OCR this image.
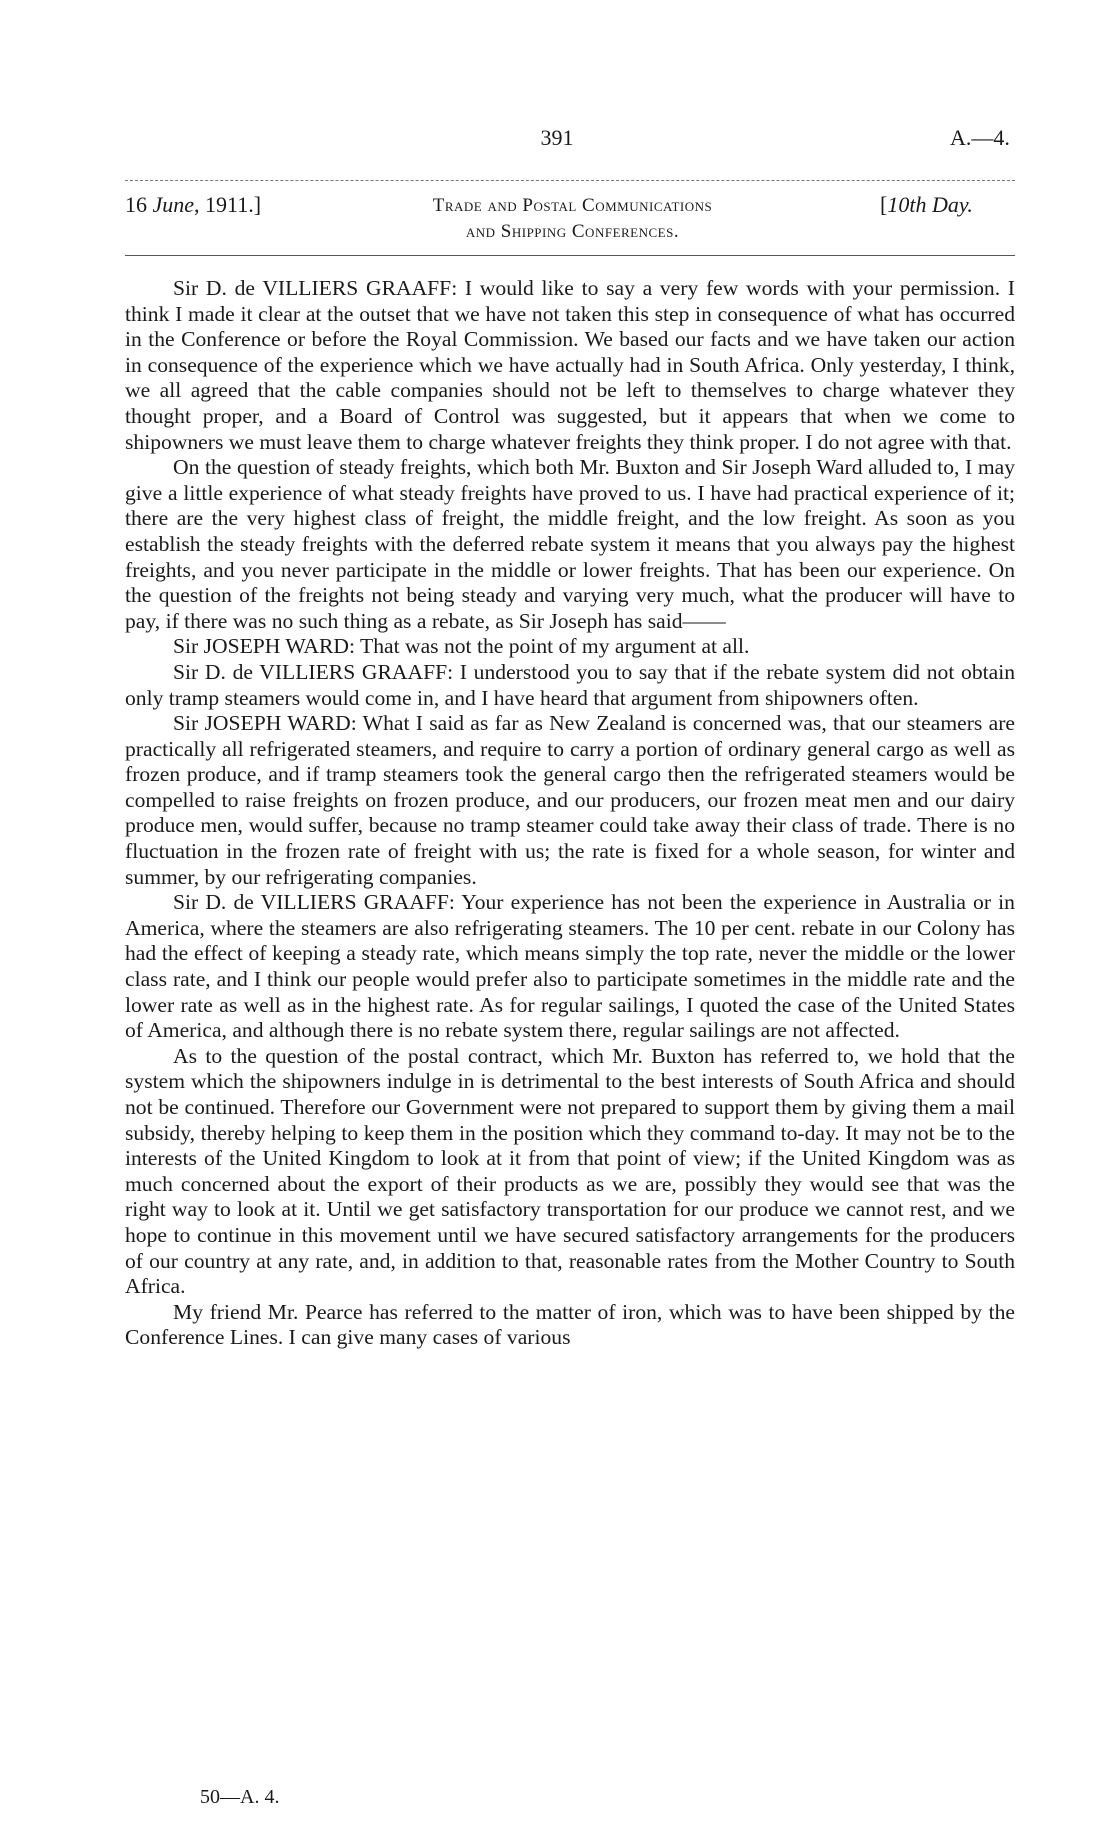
391	A.—4.
16 June, 1911.]	Trade and Postal Communications
and Shipping Conferences.
[10th Day.

Sir D. de VILLIERS GRAAFF: I would like to say a very few words with your permission. I think I made it clear at the outset that we have not taken this step in consequence of what has occurred in the Conference or before the Royal Commission. We based our facts and we have taken our action in consequence of the experience which we have actually had in South Africa. Only yesterday, I think, we all agreed that the cable companies should not be left to themselves to charge whatever they thought proper, and a Board of Control was suggested, but it appears that when we come to shipowners we must leave them to charge whatever freights they think proper. I do not agree with that.

On the question of steady freights, which both Mr. Buxton and Sir Joseph Ward alluded to, I may give a little experience of what steady freights have proved to us. I have had practical experience of it; there are the very highest class of freight, the middle freight, and the low freight. As soon as you establish the steady freights with the deferred rebate system it means that you always pay the highest freights, and you never participate in the middle or lower freights. That has been our experience. On the question of the freights not being steady and varying very much, what the producer will have to pay, if there was no such thing as a rebate, as Sir Joseph has said——

Sir JOSEPH WARD: That was not the point of my argument at all.

Sir D. de VILLIERS GRAAFF: I understood you to say that if the rebate system did not obtain only tramp steamers would come in, and I have heard that argument from shipowners often.

Sir JOSEPH WARD: What I said as far as New Zealand is concerned was, that our steamers are practically all refrigerated steamers, and require to carry a portion of ordinary general cargo as well as frozen produce, and if tramp steamers took the general cargo then the refrigerated steamers would be compelled to raise freights on frozen produce, and our producers, our frozen meat men and our dairy produce men, would suffer, because no tramp steamer could take away their class of trade. There is no fluctuation in the frozen rate of freight with us; the rate is fixed for a whole season, for winter and summer, by our refrigerating companies.

Sir D. de VILLIERS GRAAFF: Your experience has not been the experience in Australia or in America, where the steamers are also refrigerating steamers. The 10 per cent. rebate in our Colony has had the effect of keeping a steady rate, which means simply the top rate, never the middle or the lower class rate, and I think our people would prefer also to participate sometimes in the middle rate and the lower rate as well as in the highest rate. As for regular sailings, I quoted the case of the United States of America, and although there is no rebate system there, regular sailings are not affected.

As to the question of the postal contract, which Mr. Buxton has referred to, we hold that the system which the shipowners indulge in is detrimental to the best interests of South Africa and should not be continued. Therefore our Government were not prepared to support them by giving them a mail subsidy, thereby helping to keep them in the position which they command to-day. It may not be to the interests of the United Kingdom to look at it from that point of view; if the United Kingdom was as much concerned about the export of their products as we are, possibly they would see that was the right way to look at it. Until we get satisfactory transportation for our produce we cannot rest, and we hope to continue in this movement until we have secured satisfactory arrangements for the producers of our country at any rate, and, in addition to that, reasonable rates from the Mother Country to South Africa.

My friend Mr. Pearce has referred to the matter of iron, which was to have been shipped by the Conference Lines. I can give many cases of various

50—A. 4.
